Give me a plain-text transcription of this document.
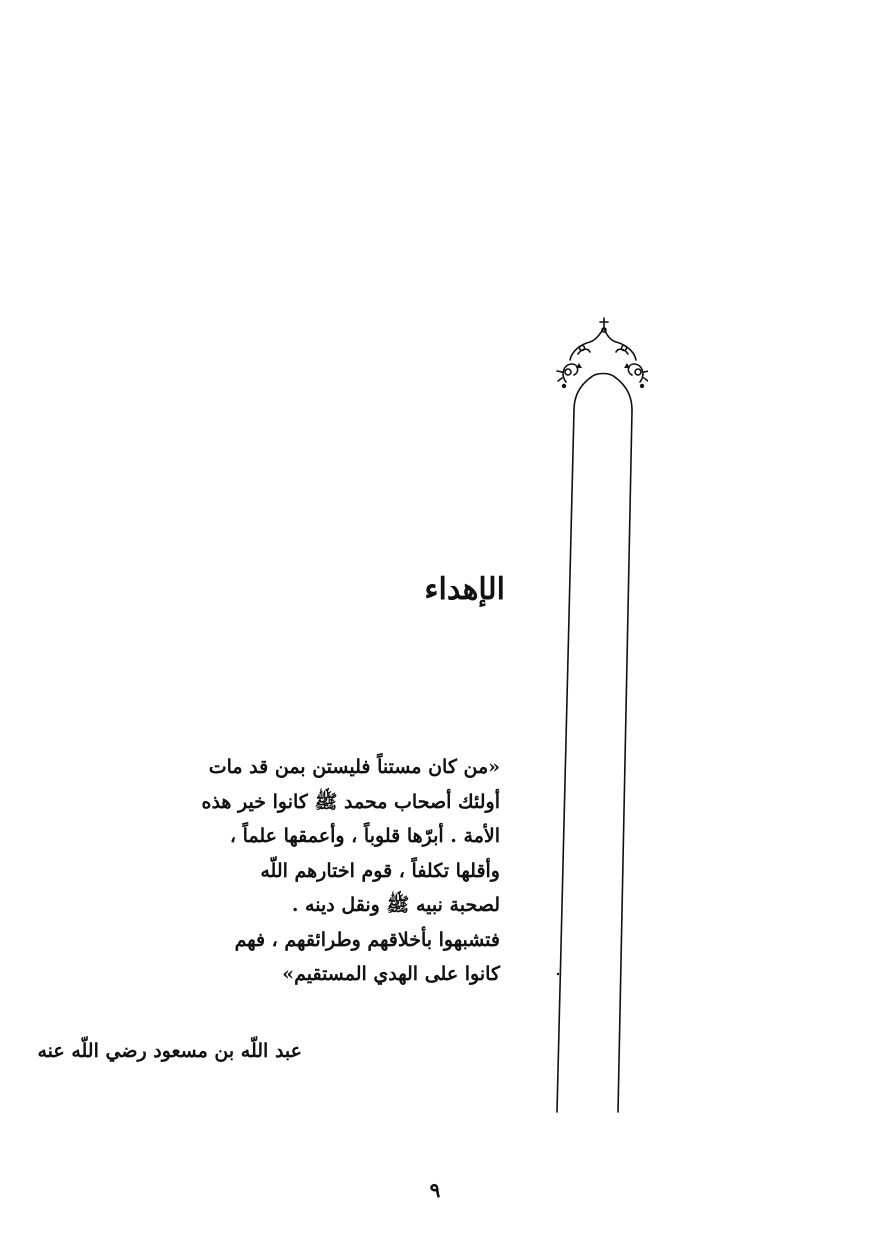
الإهداء
«من كان مستناً فليستن بمن قد مات
أولئك أصحاب محمد ﷺ كانوا خير هذه
الأمة . أبرّها قلوباً ، وأعمقها علماً ،
وأقلها تكلفاً ، قوم اختارهم اللّه
لصحبة نبيه ﷺ ونقل دينه .
فتشبهوا بأخلاقهم وطرائقهم ، فهم
كانوا على الهدي المستقيم»
عبد اللّه بن مسعود رضي اللّه عنه
٩
